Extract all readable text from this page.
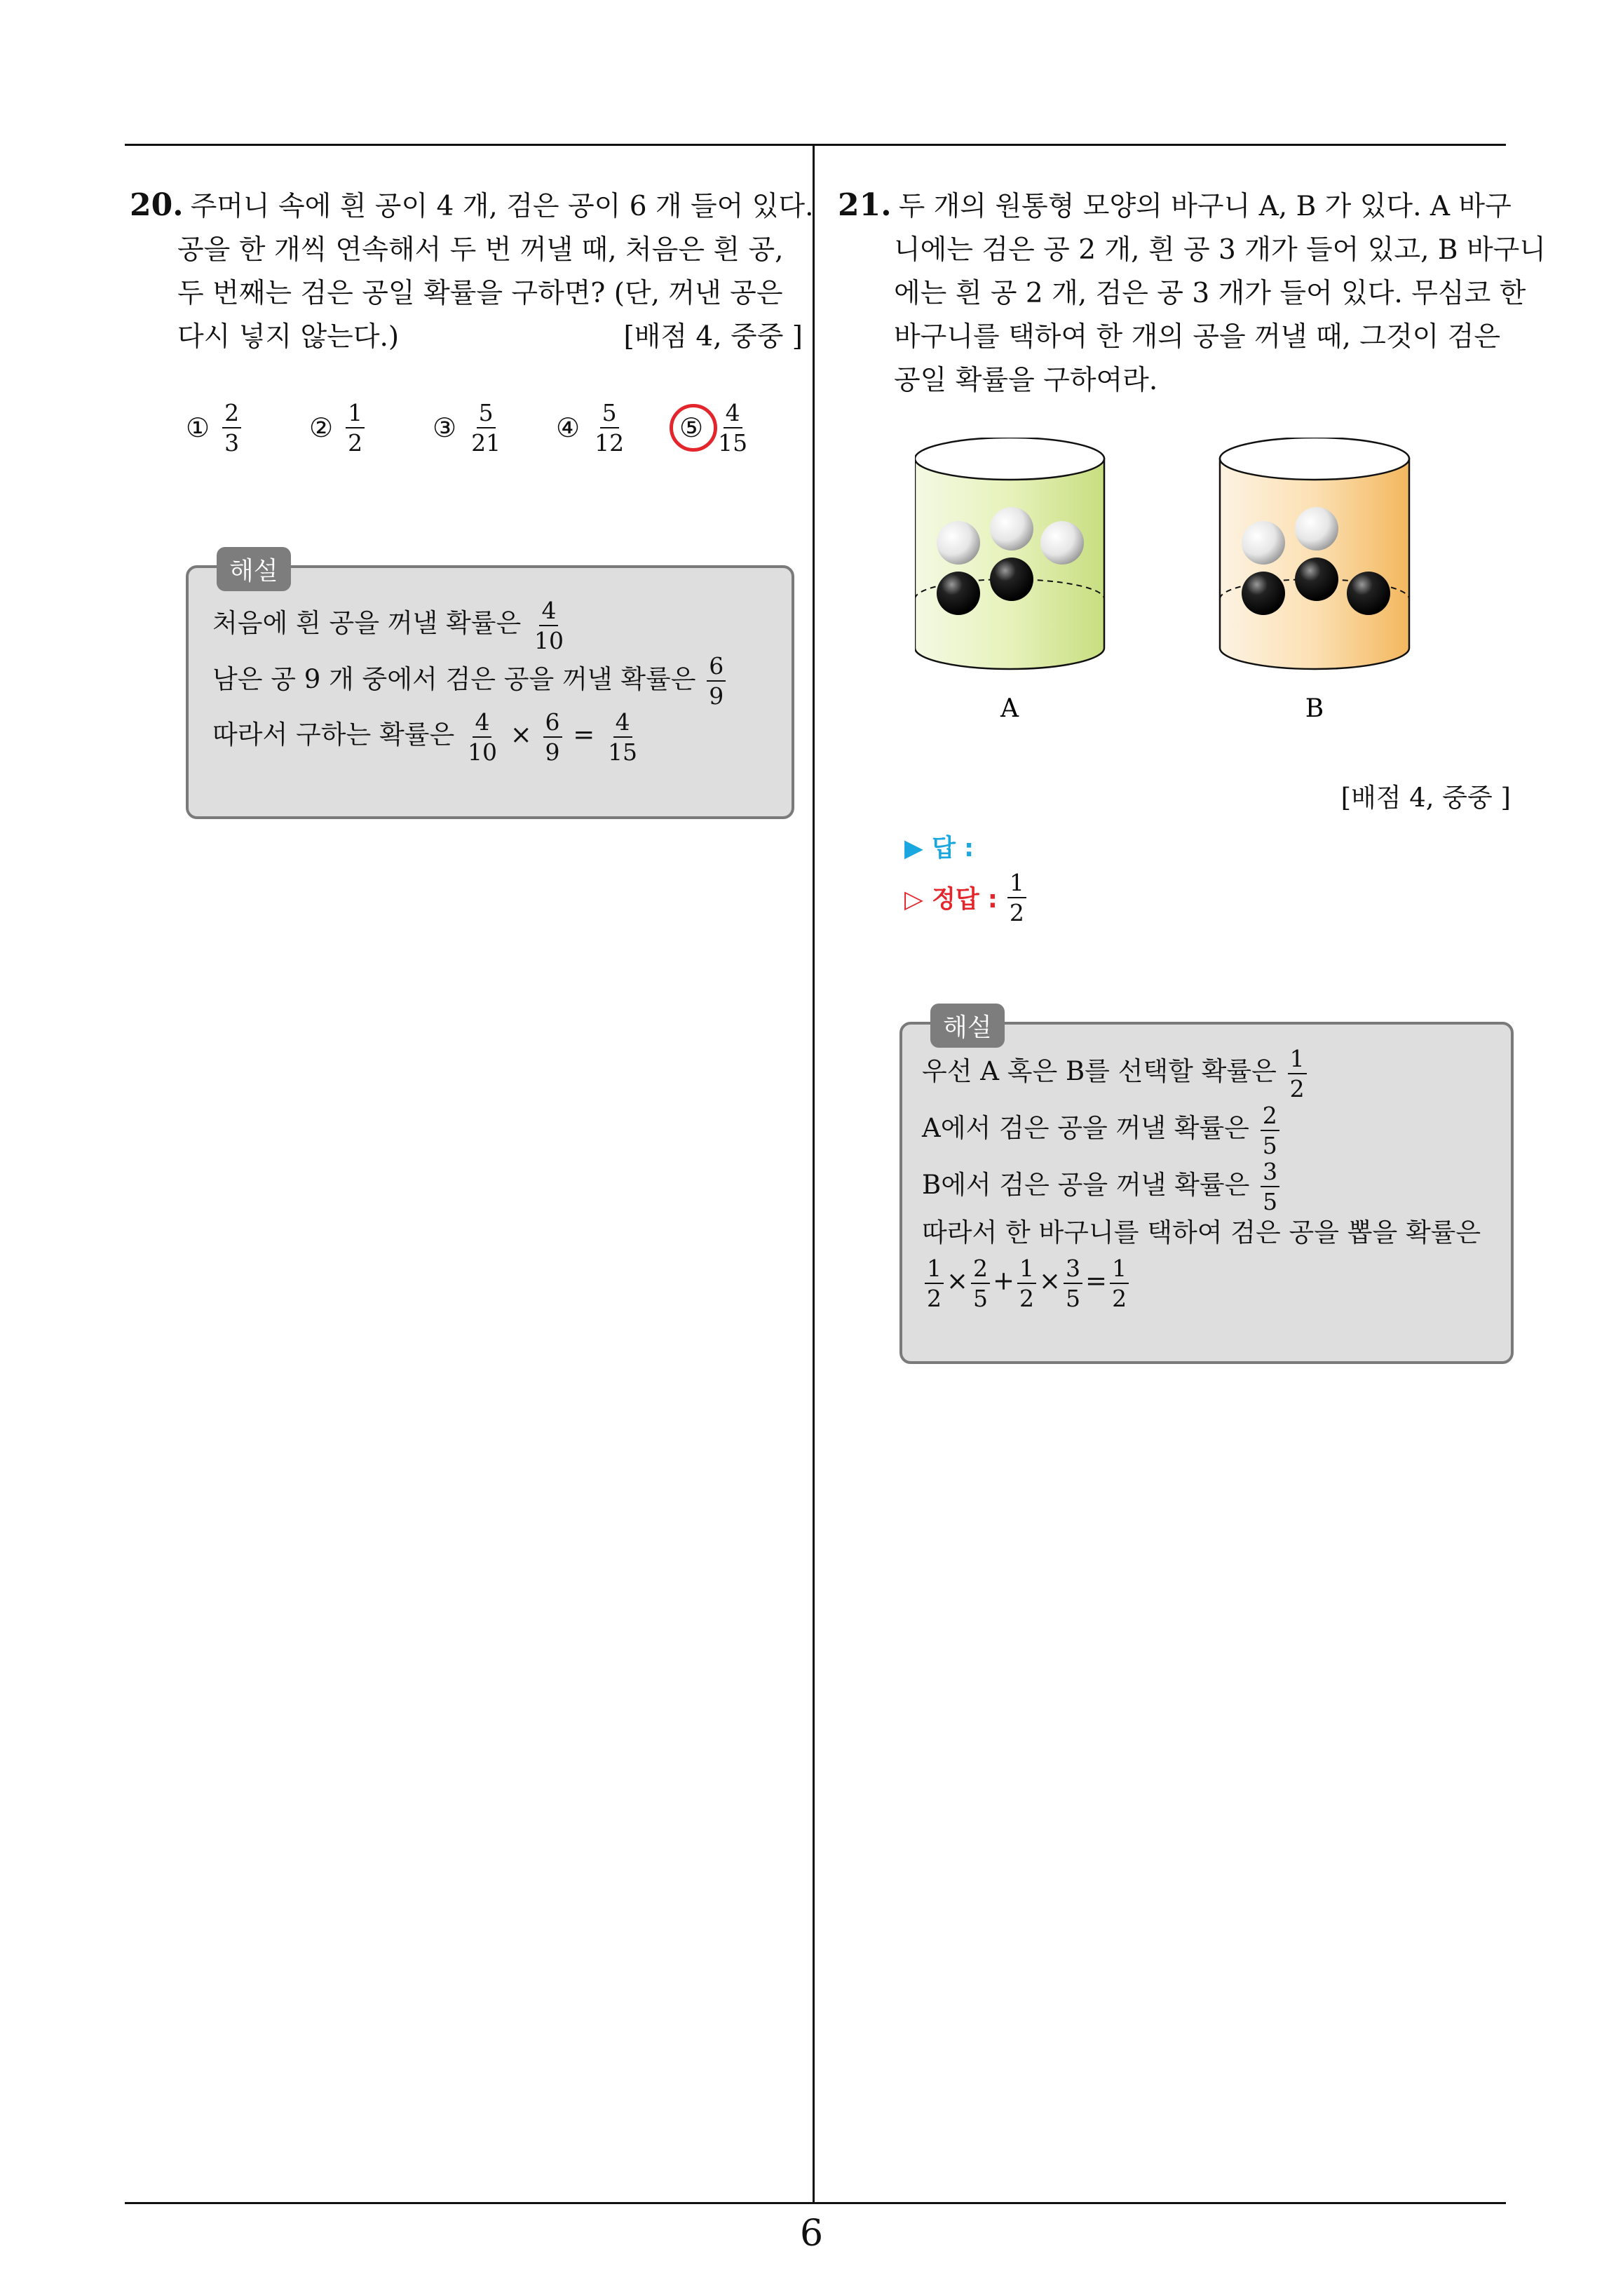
6
20. 주머니 속에 흰 공이 4 개, 검은 공이 6 개 들어 있다.
공을 한 개씩 연속해서 두 번 꺼낼 때, 처음은 흰 공,
두 번째는 검은 공일 확률을 구하면? (단, 꺼낸 공은
다시 넣지 않는다.)	[배점 4, 중중 ]
① $\frac{2}{3}$	② $\frac{1}{2}$	③ $\frac{5}{21}$ ④ $\frac{5}{12}$ ⑤ $\frac{4}{15}$
해설
처음에 흰 공을 꺼낼 확률은 $\frac{4}{10}$
남은 공 9 개 중에서 검은 공을 꺼낼 확률은 $\frac{6}{9}$
따라서 구하는 확률은 $\frac{4}{10} \times \frac{6}{9} = \frac{4}{15}$
21. 두 개의 원통형 모양의 바구니 A, B 가 있다. A 바구
니에는 검은 공 2 개, 흰 공 3 개가 들어 있고, B 바구니
에는 흰 공 2 개, 검은 공 3 개가 들어 있다. 무심코 한
바구니를 택하여 한 개의 공을 꺼낼 때, 그것이 검은
공일 확률을 구하여라.
A	B
[배점 4, 중중 ]
▶ 답 :
▷ 정답 : $\frac{1}{2}$
해설
우선 A 혹은 B를 선택할 확률은 $\frac{1}{2}$
A에서 검은 공을 꺼낼 확률은 $\frac{2}{5}$
B에서 검은 공을 꺼낼 확률은 $\frac{3}{5}$
따라서 한 바구니를 택하여 검은 공을 뽑을 확률은
$\frac{1}{2} \times \frac{2}{5} + \frac{1}{2} \times \frac{3}{5} = \frac{1}{2}$
